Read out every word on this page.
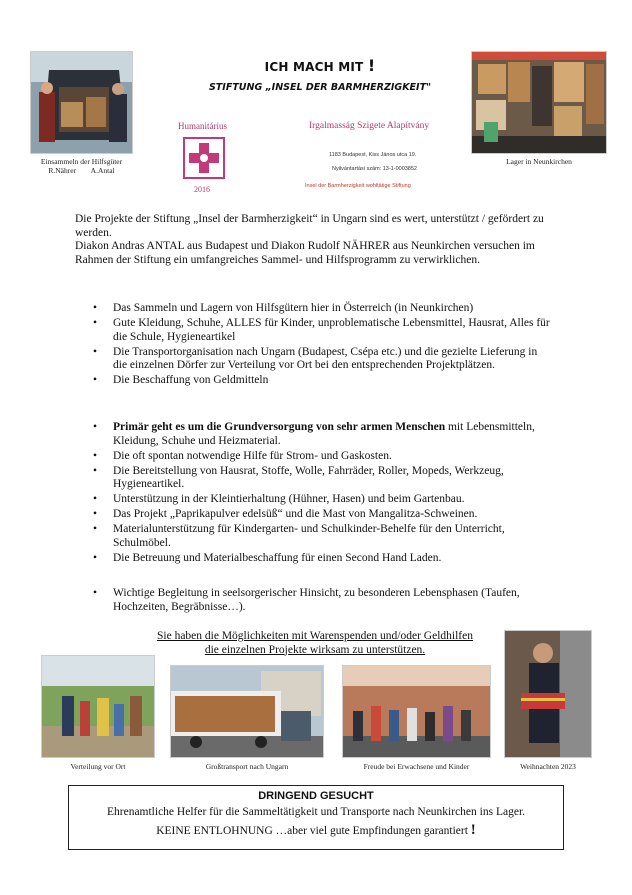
Einsammeln der Hilfsgüter
R.Nährer        A.Antal
Lager in Neunkirchen
ICH MACH MIT !
STIFTUNG „INSEL DER BARMHERZIGKEIT"
Humanitárius
2016
Irgalmasság Szigete Alapítvány
1183 Budapest, Kiss János utca 19.
Nyilvántartási szám: 13-1-0003852
Insel der Barmherzigkeit wohltätige Stiftung

Die Projekte der Stiftung „Insel der Barmherzigkeit“ in Ungarn sind es wert, unterstützt / gefördert zu werden.

Diakon Andras ANTAL aus Budapest und Diakon Rudolf NÄHRER aus Neunkirchen versuchen im Rahmen der Stiftung ein umfangreiches Sammel- und Hilfsprogramm zu verwirklichen.

• Das Sammeln und Lagern von Hilfsgütern hier in Österreich (in Neunkirchen)
• Gute Kleidung, Schuhe, ALLES für Kinder, unproblematische Lebensmittel, Hausrat, Alles für die Schule, Hygieneartikel
• Die Transportorganisation nach Ungarn (Budapest, Csépa etc.) und die gezielte Lieferung in die einzelnen Dörfer zur Verteilung vor Ort bei den entsprechenden Projektplätzen.
• Die Beschaffung von Geldmitteln
• Primär geht es um die Grundversorgung von sehr armen Menschen mit Lebensmitteln, Kleidung, Schuhe und Heizmaterial.
• Die oft spontan notwendige Hilfe für Strom- und Gaskosten.
• Die Bereitstellung von Hausrat, Stoffe, Wolle, Fahrräder, Roller, Mopeds, Werkzeug, Hygieneartikel.
• Unterstützung in der Kleintierhaltung (Hühner, Hasen) und beim Gartenbau.
• Das Projekt „Paprikapulver edelsüß“ und die Mast von Mangalitza-Schweinen.
• Materialunterstützung für Kindergarten- und Schulkinder-Behelfe für den Unterricht, Schulmöbel.
• Die Betreuung und Materialbeschaffung für einen Second Hand Laden.
• Wichtige Begleitung in seelsorgerischer Hinsicht, zu besonderen Lebensphasen (Taufen, Hochzeiten, Begräbnisse…).
Sie haben die Möglichkeiten mit Warenspenden und/oder Geldhilfen
die einzelnen Projekte wirksam zu unterstützen.
Verteilung vor Ort	Großtransport nach Ungarn	Freude bei Erwachsene und Kinder	Weihnachten 2023
DRINGEND GESUCHT
Ehrenamtliche Helfer für die Sammeltätigkeit und Transporte nach Neunkirchen ins Lager.
KEINE ENTLOHNUNG …aber viel gute Empfindungen garantiert !
